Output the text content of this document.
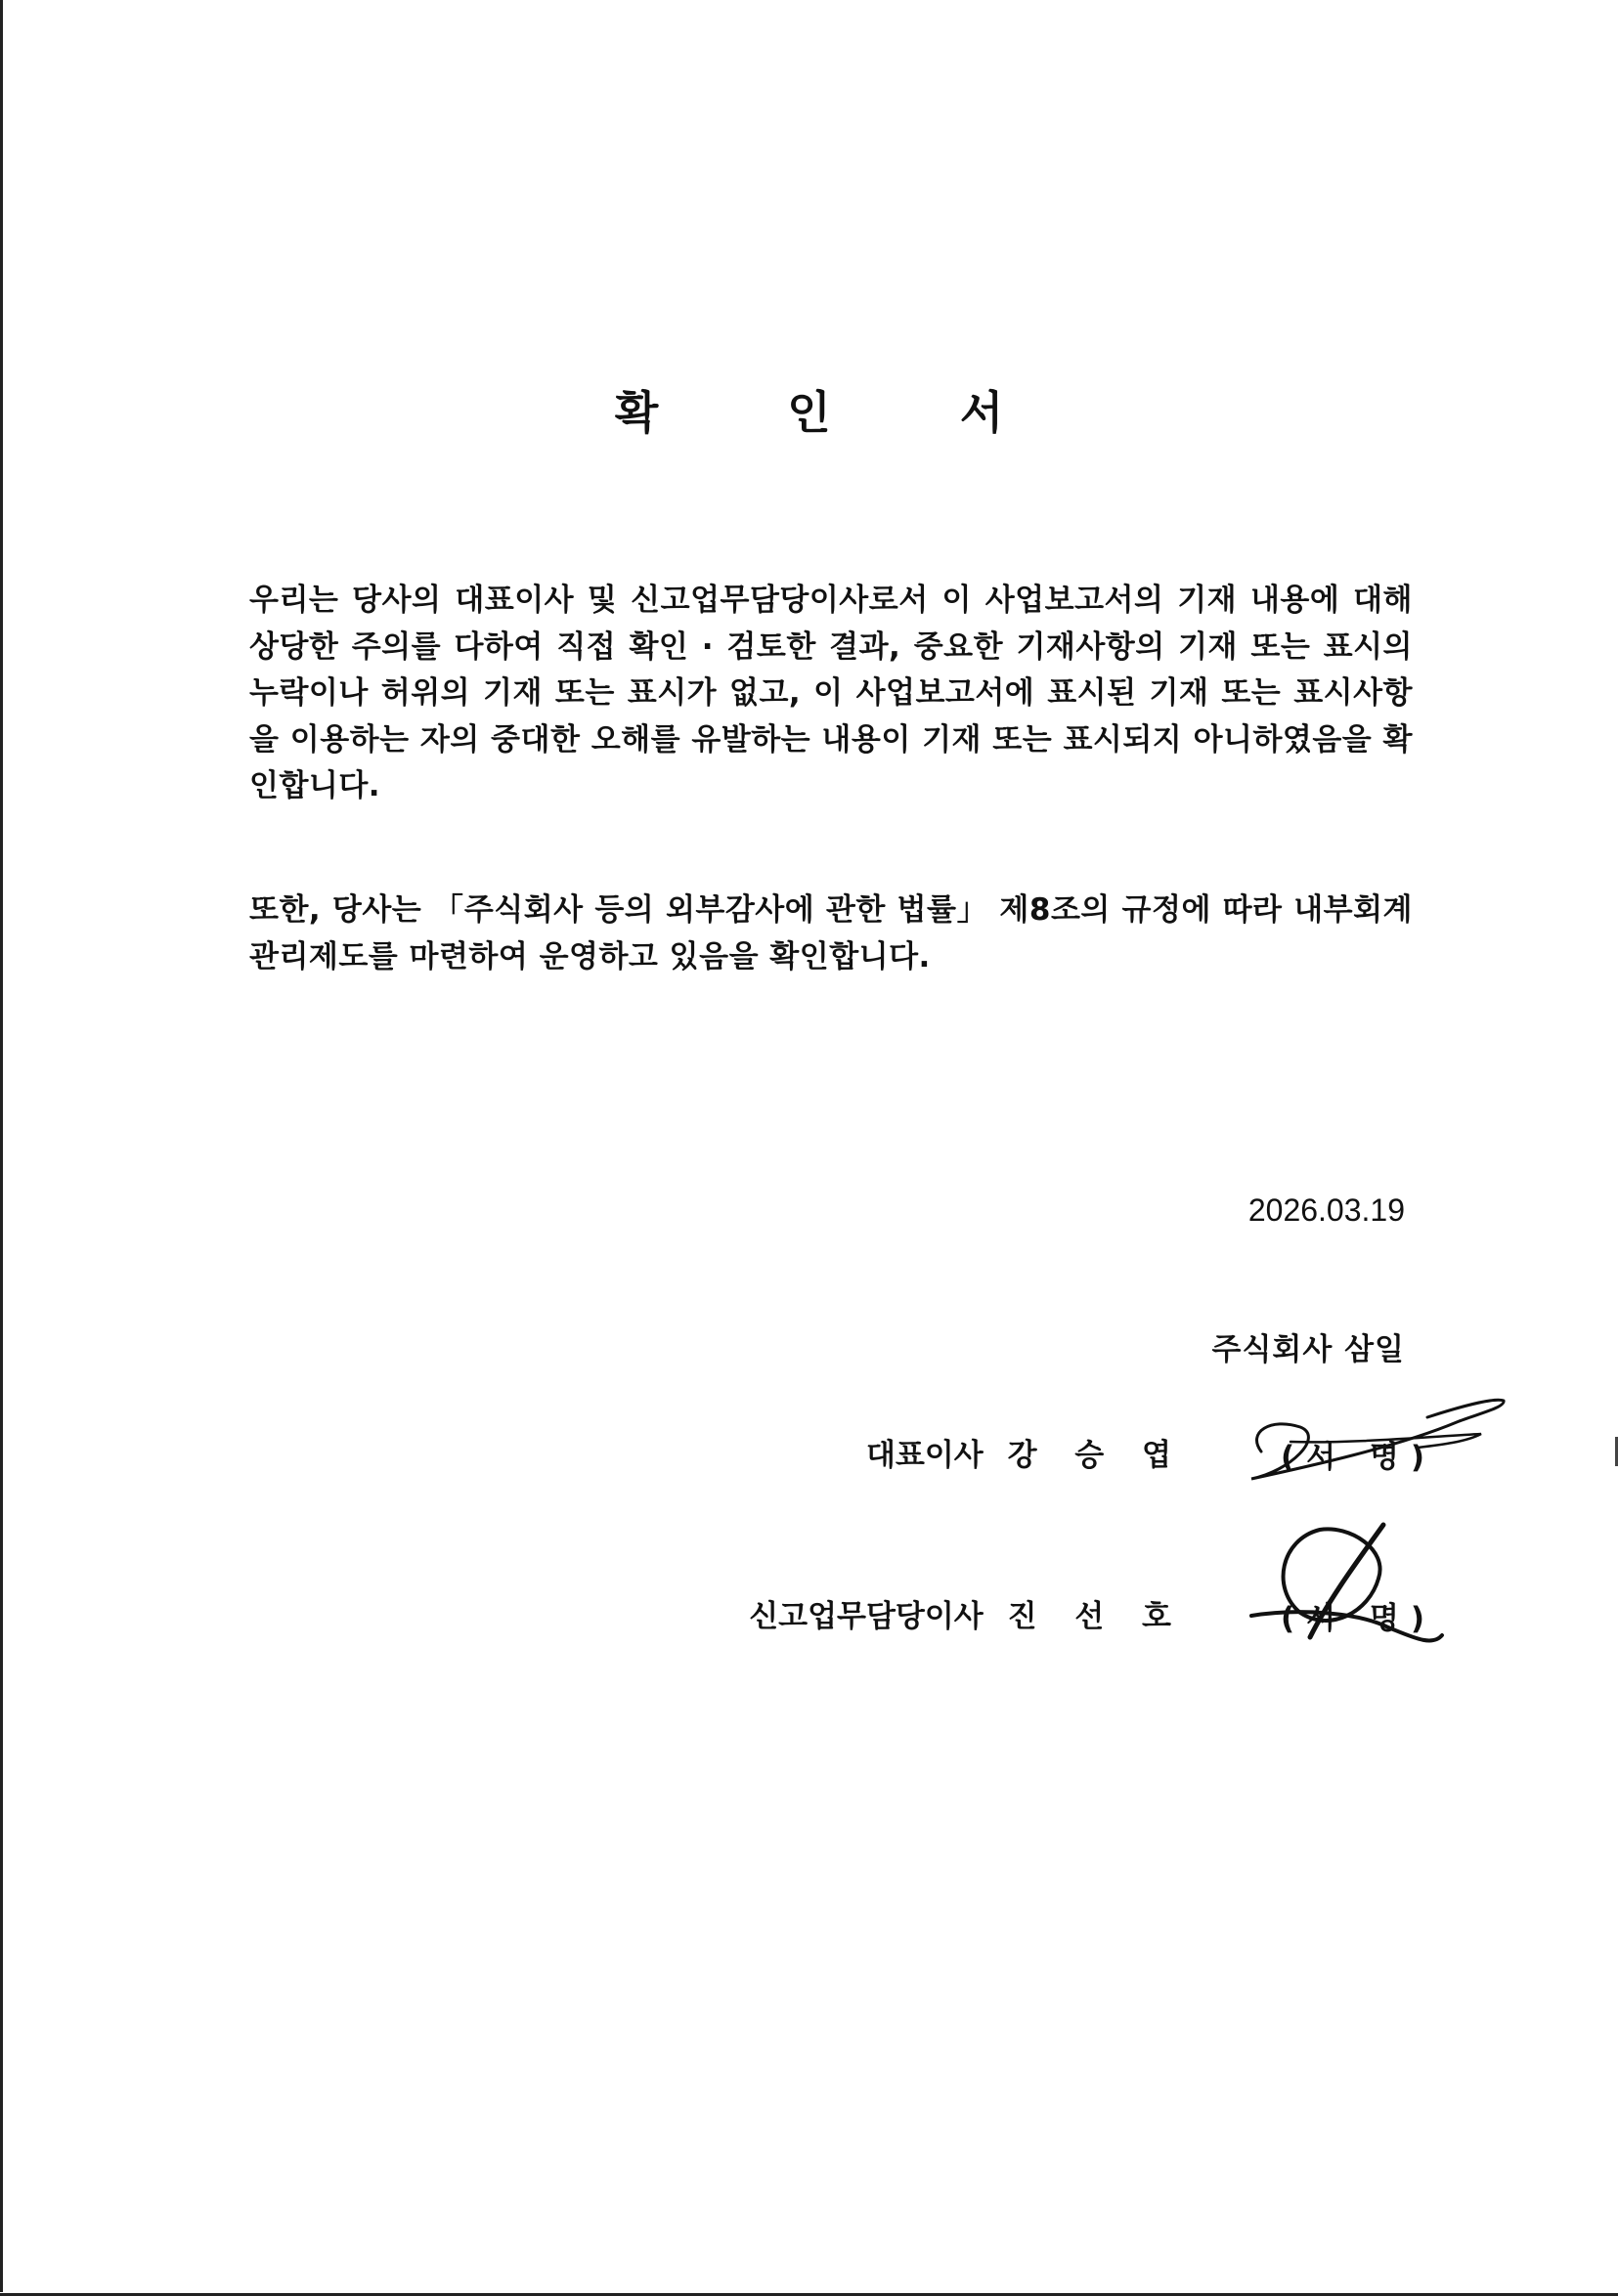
확 인 서

우리는 당사의 대표이사 및 신고업무담당이사로서 이 사업보고서의 기재 내용에 대해 상당한 주의를 다하여 직접 확인 · 검토한 결과, 중요한 기재사항의 기재 또는 표시의 누락이나 허위의 기재 또는 표시가 없고, 이 사업보고서에 표시된 기재 또는 표시사항을 이용하는 자의 중대한 오해를 유발하는 내용이 기재 또는 표시되지 아니하였음을 확인합니다.

또한, 당사는 「주식회사 등의 외부감사에 관한 법률」 제8조의 규정에 따라 내부회계관리제도를 마련하여 운영하고 있음을 확인합니다.

2026.03.19
주식회사 삼일
대표이사 강 승 엽	(서 명)
신고업무담당이사 진 선 호	(서 명)
